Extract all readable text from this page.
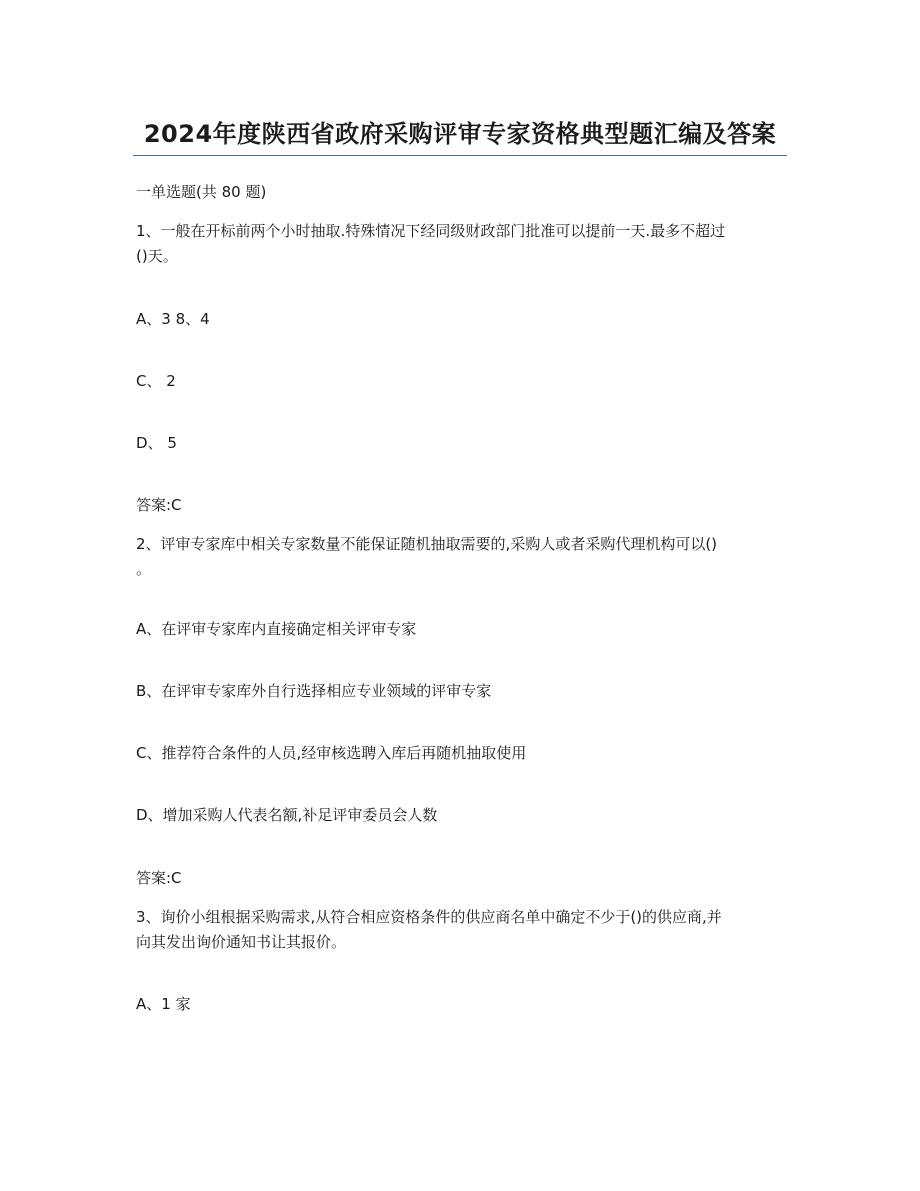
2024年度陕西省政府采购评审专家资格典型题汇编及答案
一单选题(共 80 题)
1、一般在开标前两个小时抽取.特殊情况下经同级财政部门批准可以提前一天.最多不超过
()天。
A、3 8、4
C、 2
D、 5
答案:C
2、评审专家库中相关专家数量不能保证随机抽取需要的,采购人或者采购代理机构可以()
。
A、在评审专家库内直接确定相关评审专家
B、在评审专家库外自行选择相应专业领域的评审专家
C、推荐符合条件的人员,经审核选聘入库后再随机抽取使用
D、增加采购人代表名额,补足评审委员会人数
答案:C
3、询价小组根据采购需求,从符合相应资格条件的供应商名单中确定不少于()的供应商,并
向其发出询价通知书让其报价。
A、1 家
